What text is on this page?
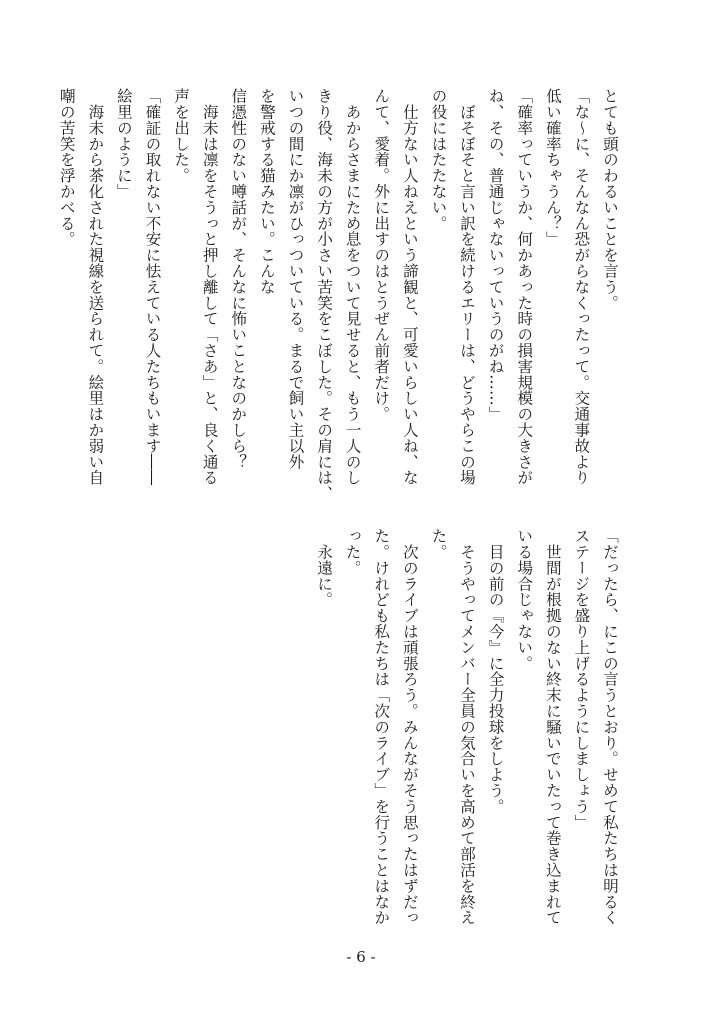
とても頭のわるいことを言う。

「な～に、そんなん恐がらなくったって。交通事故より

低い確率ちゃうん？」

「確率っていうか、何かあった時の損害規模の大きさが

ね、その、普通じゃないっていうのがね……」

　ぼそぼそと言い訳を続けるエリーは、どうやらこの場

の役にはたたない。

　仕方ない人ねえという諦観と、可愛いらしい人ね、な

んて、愛着。外に出すのはとうぜん前者だけ。

　あからさまにため息をついて見せると、もう一人のし

きり役、海未の方が小さい苦笑をこぼした。その肩には、

いつの間にか凛がひっついている。まるで飼い主以外

を警戒する猫みたい。こんな

信憑性のない噂話が、そんなに怖いことなのかしら？

　海未は凛をそうっと押し離して「さあ」と、良く通る

声を出した。

「確証の取れない不安に怯えている人たちもいます――

絵里のように」

　海未から茶化された視線を送られて。絵里はか弱い自

嘲の苦笑を浮かべる。

「だったら、にこの言うとおり。せめて私たちは明るく

ステージを盛り上げるようにしましょう」

　世間が根拠のない終末に騒いでいたって巻き込まれて

いる場合じゃない。

　目の前の『今』に全力投球をしよう。

　そうやってメンバー全員の気合いを高めて部活を終え

た。

　次のライブは頑張ろう。みんながそう思ったはずだっ

た。けれども私たちは「次のライブ」を行うことはなか

った。

　永遠に。

- 6 -
